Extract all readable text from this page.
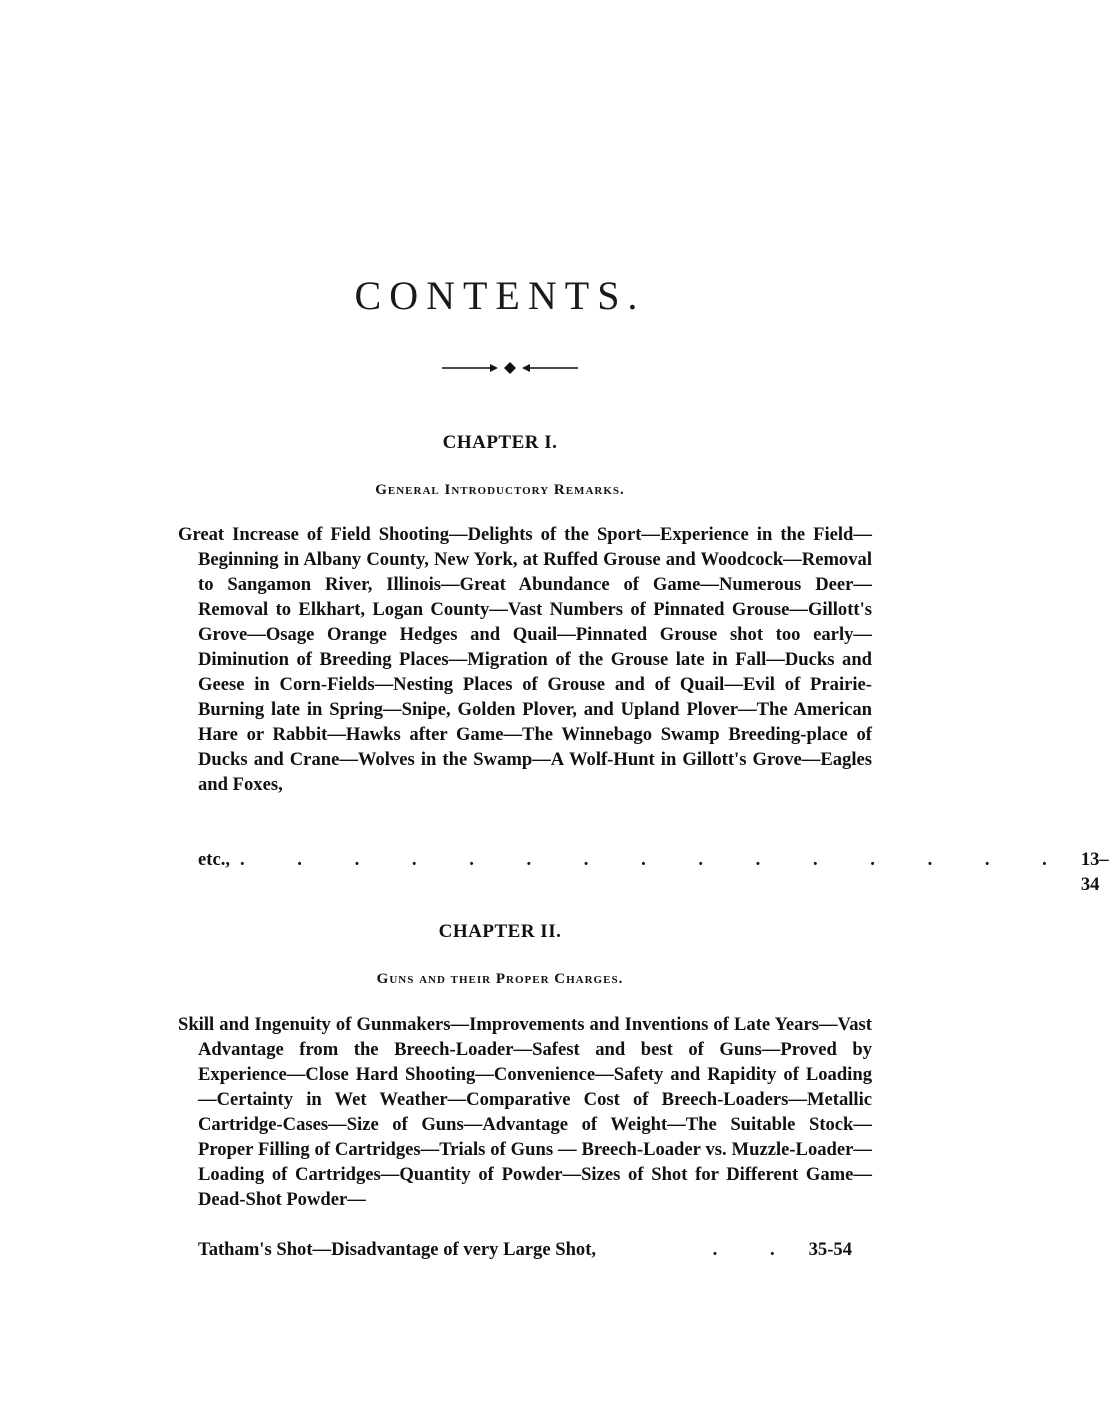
CONTENTS.
CHAPTER I.
General Introductory Remarks.

Great Increase of Field Shooting—Delights of the Sport—Experience in the Field—Beginning in Albany County, New York, at Ruffed Grouse and Woodcock—Removal to Sangamon River, Illinois—Great Abundance of Game—Numerous Deer—Removal to Elkhart, Logan County—Vast Numbers of Pinnated Grouse—Gillott's Grove—Osage Orange Hedges and Quail—Pinnated Grouse shot too early—Diminution of Breeding Places—Migration of the Grouse late in Fall—Ducks and Geese in Corn-Fields—Nesting Places of Grouse and of Quail—Evil of Prairie-Burning late in Spring—Snipe, Golden Plover, and Upland Plover—The American Hare or Rabbit—Hawks after Game—The Winnebago Swamp Breeding-place of Ducks and Crane—Wolves in the Swamp—A Wolf-Hunt in Gillott's Grove—Eagles and Foxes,

etc., . . . . . . . . . . . . . . . 13–34
CHAPTER II.
Guns and their Proper Charges.

Skill and Ingenuity of Gunmakers—Improvements and Inventions of Late Years—Vast Advantage from the Breech-Loader—Safest and best of Guns—Proved by Experience—Close Hard Shooting—Convenience—Safety and Rapidity of Loading—Certainty in Wet Weather—Comparative Cost of Breech-Loaders—Metallic Cartridge-Cases—Size of Guns—Advantage of Weight—The Suitable Stock—Proper Filling of Cartridges—Trials of Guns — Breech-Loader vs. Muzzle-Loader—Loading of Cartridges—Quantity of Powder—Sizes of Shot for Different Game—Dead-Shot Powder—

Tatham's Shot—Disadvantage of very Large Shot,	. . 35-54
